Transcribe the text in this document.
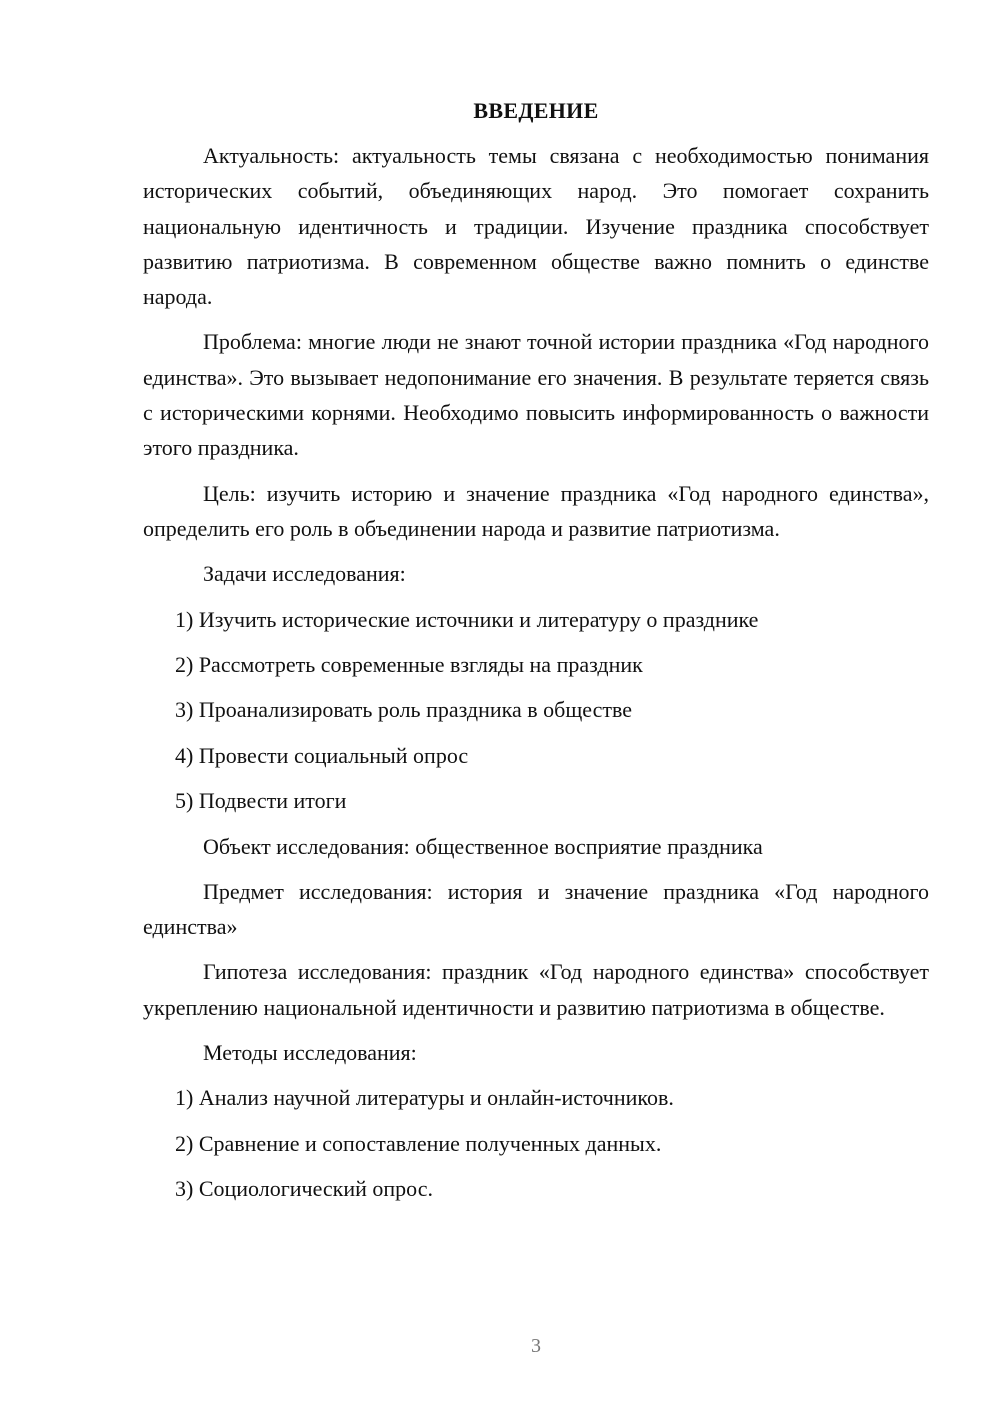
ВВЕДЕНИЕ

Актуальность: актуальность темы связана с необходимостью понимания исторических событий, объединяющих народ. Это помогает сохранить национальную идентичность и традиции. Изучение праздника способствует развитию патриотизма. В современном обществе важно помнить о единстве народа.

Проблема: многие люди не знают точной истории праздника «Год народного единства». Это вызывает недопонимание его значения. В результате теряется связь с историческими корнями. Необходимо повысить информированность о важности этого праздника.

Цель: изучить историю и значение праздника «Год народного единства», определить его роль в объединении народа и развитие патриотизма.

Задачи исследования:

1) Изучить исторические источники и литературу о празднике
2) Рассмотреть современные взгляды на праздник
3) Проанализировать роль праздника в обществе
4) Провести социальный опрос
5) Подвести итоги

Объект исследования: общественное восприятие праздника

Предмет исследования: история и значение праздника «Год народного единства»

Гипотеза исследования: праздник «Год народного единства» способствует укреплению национальной идентичности и развитию патриотизма в обществе.

Методы исследования:

1) Анализ научной литературы и онлайн-источников.
2) Сравнение и сопоставление полученных данных.
3) Социологический опрос.
3
